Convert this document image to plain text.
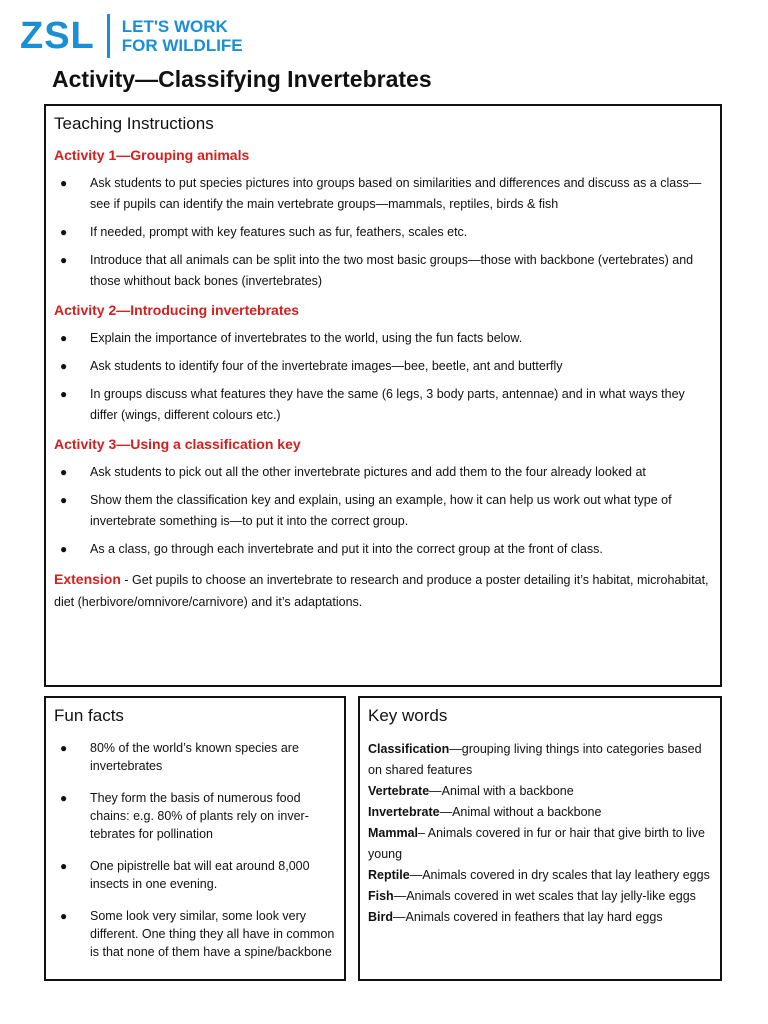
ZSL LET'S WORK
FOR WILDLIFE
Activity—Classifying Invertebrates
Teaching Instructions
Activity 1—Grouping animals
● Ask students to put species pictures into groups based on similarities and differences and discuss as a class—see if pupils can identify the main vertebrate groups—mammals, reptiles, birds & fish
● If needed, prompt with key features such as fur, feathers, scales etc.
● Introduce that all animals can be split into the two most basic groups—those with backbone (vertebrates) and those whithout back bones (invertebrates)
Activity 2—Introducing invertebrates
● Explain the importance of invertebrates to the world, using the fun facts below.
● Ask students to identify four of the invertebrate images—bee, beetle, ant and butterfly
● In groups discuss what features they have the same (6 legs, 3 body parts, antennae) and in what ways they differ (wings, different colours etc.)
Activity 3—Using a classification key
● Ask students to pick out all the other invertebrate pictures and add them to the four already looked at
● Show them the classification key and explain, using an example, how it can help us work out what type of invertebrate something is—to put it into the correct group.
● As a class, go through each invertebrate and put it into the correct group at the front of class.
Extension - Get pupils to choose an invertebrate to research and produce a poster detailing it’s habitat, microhabitat, diet (herbivore/omnivore/carnivore) and it’s adaptations.
Fun facts
● 80% of the world’s known species are invertebrates
● They form the basis of numerous food chains: e.g. 80% of plants rely on inver-tebrates for pollination
● One pipistrelle bat will eat around 8,000 insects in one evening.
● Some look very similar, some look very different. One thing they all have in common is that none of them have a spine/backbone
Key words

Classification—grouping living things into categories based on shared features

Vertebrate—Animal with a backbone

Invertebrate—Animal without a backbone

Mammal– Animals covered in fur or hair that give birth to live young

Reptile—Animals covered in dry scales that lay leathery eggs

Fish—Animals covered in wet scales that lay jelly-like eggs

Bird—Animals covered in feathers that lay hard eggs
